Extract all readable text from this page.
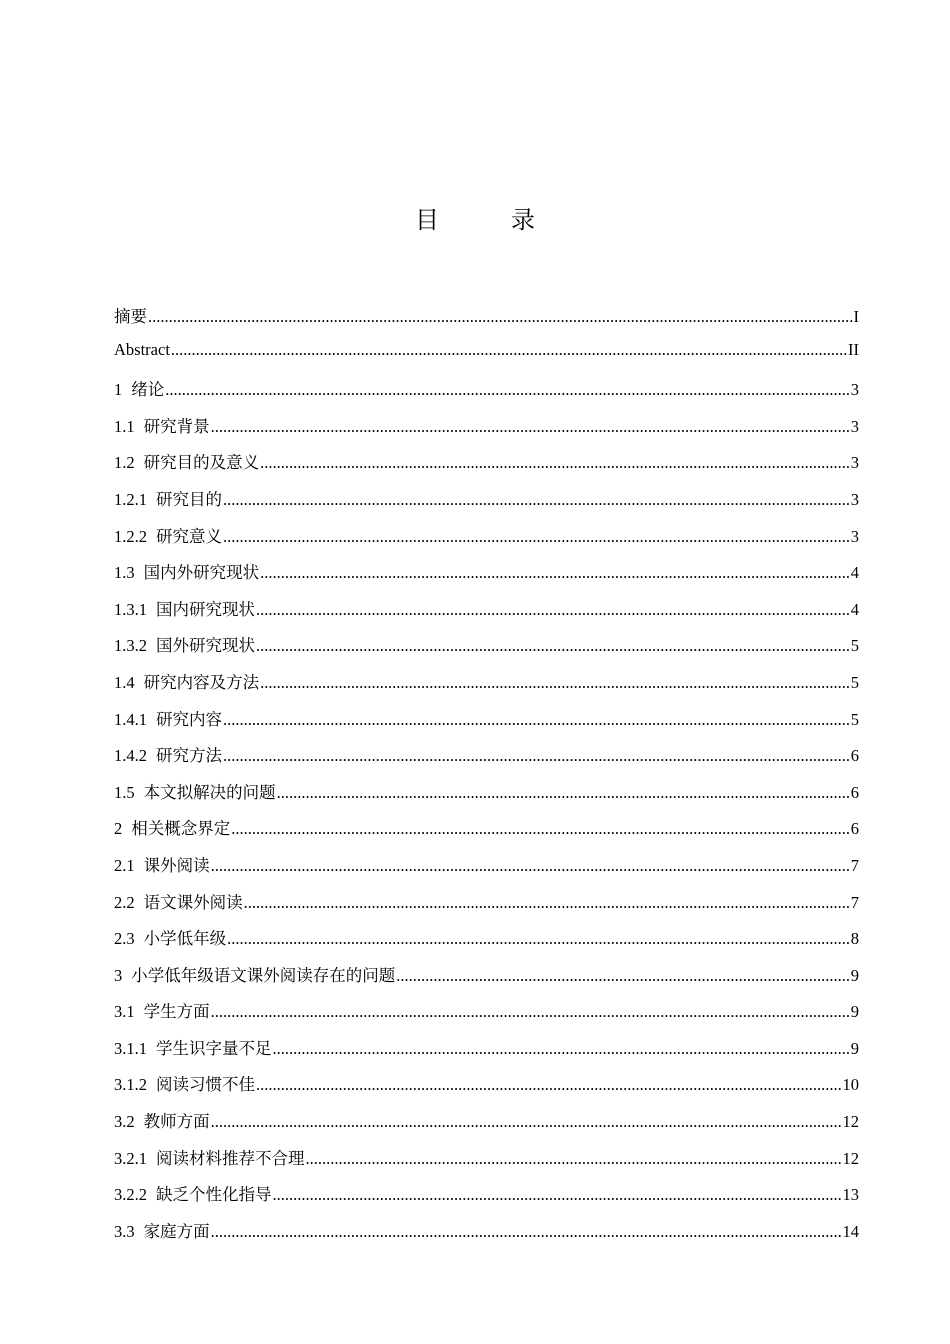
目　录
摘要 .....	I
Abstract .....	II
1 绪论 .....	3
1.1 研究背景 .....	3
1.2 研究目的及意义 .....	3
1.2.1 研究目的 .....	3
1.2.2 研究意义 .....	3
1.3 国内外研究现状 .....	4
1.3.1 国内研究现状 .....	4
1.3.2 国外研究现状 .....	5
1.4 研究内容及方法 .....	5
1.4.1 研究内容 .....	5
1.4.2 研究方法 .....	6
1.5 本文拟解决的问题 .....	6
2 相关概念界定 .....	6
2.1 课外阅读 .....	7
2.2 语文课外阅读 .....	7
2.3 小学低年级 .....	8
3 小学低年级语文课外阅读存在的问题 .....	9
3.1 学生方面 .....	9
3.1.1 学生识字量不足 .....	9
3.1.2 阅读习惯不佳 .....	10
3.2 教师方面 .....	12
3.2.1 阅读材料推荐不合理 .....	12
3.2.2 缺乏个性化指导 .....	13
3.3 家庭方面 .....	14
